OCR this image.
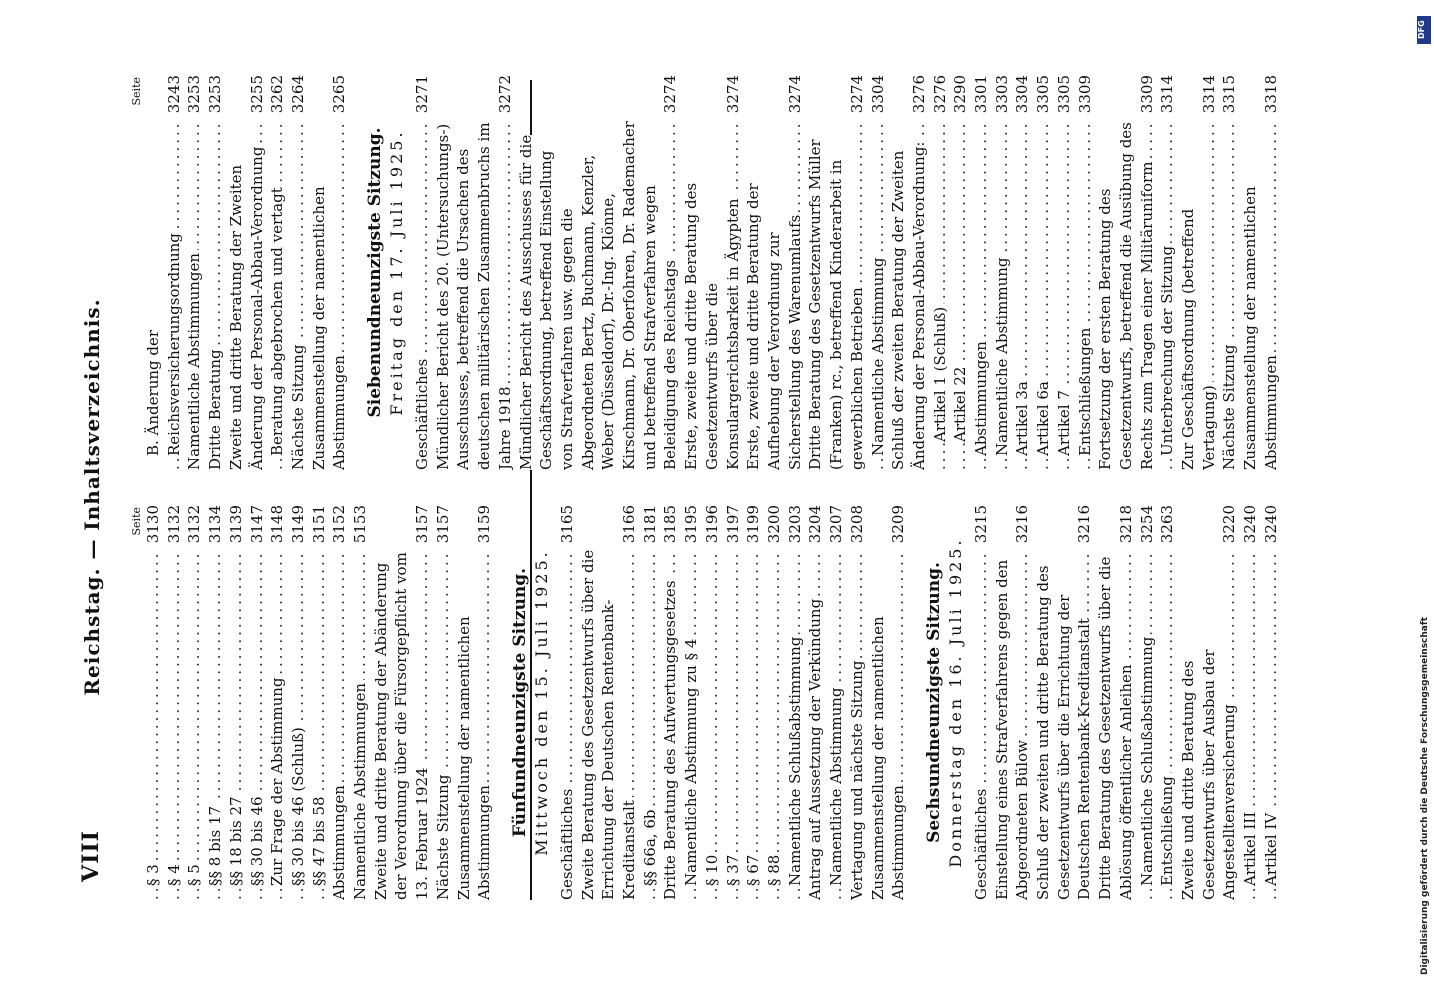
VIII
Reichstag. — Inhaltsverzeichnis. Seite
§ 3 .....
3130
§ 4 .....
3132
§ 5 .....
3132
§§ 8 bis 17 .....
3134
§§ 18 bis 27 .....
3139
§§ 30 bis 46 .....
3147
Zur Frage der Abstimmung .....
3148
§§ 30 bis 46 (Schluß) .....
3149
§§ 47 bis 58 .....
3151
Abstimmungen .....
3152
Namentliche Abstimmungen .....
5153
Zweite und dritte Beratung der Abänderung der Verordnung über die Fürsorgepflicht vom 13. Februar 1924 .....
3157
Nächste Sitzung .....
3157
Zusammenstellung der namentlichen Abstimmungen .....
3159
Fünfundneunzigste Sitzung. Mittwoch den 15. Juli 1925. Geschäftliches .....
3165
Zweite Beratung des Gesetzentwurfs über die Errichtung der Deutschen Rentenbank-Kreditanstalt .....
3166
§§ 66a, 6b .....
3181
Dritte Beratung des Aufwertungsgesetzes .....
3185
Namentliche Abstimmung zu § 4 .....
3195
§ 10 .....
3196
§ 37 .....
3197
§ 67 .....
3199
§ 88 .....
3200
Namentliche Schlußabstimmung .....
3203
Antrag auf Aussetzung der Verkündung .....
3204
Namentliche Abstimmung .....
3207
Vertagung und nächste Sitzung .....
3208
Zusammenstellung der namentlichen Abstimmungen .....
3209
Sechsundneunzigste Sitzung. Donnerstag den 16. Juli 1925. Geschäftliches .....
3215
Einstellung eines Strafverfahrens gegen den Abgeordneten Bülow .....
3216
Schluß der zweiten und dritte Beratung des Gesetzentwurfs über die Errichtung der Deutschen Rentenbank-Kreditanstalt .....
3216
Dritte Beratung des Gesetzentwurfs über die Ablösung öffentlicher Anleihen .....
3218
Namentliche Schlußabstimmung .....
3254
Entschließung .....
3263
Zweite und dritte Beratung des Gesetzentwurfs über Ausbau der Angestelltenversicherung .....
3220
Artikel III .....
3240
Artikel IV .....
3240
Seite
B. Änderung der Reichsversicherungsordnung .....
3243
Namentliche Abstimmungen .....
3253
Dritte Beratung .....
3253
Zweite und dritte Beratung der Zweiten Änderung der Personal-Abbau-Verordnung .....
3255
Beratung abgebrochen und vertagt .....
3262
Nächste Sitzung .....
3264
Zusammenstellung der namentlichen Abstimmungen .....
3265
Siebenundneunzigste Sitzung. Freitag den 17. Juli 1925. Geschäftliches .....
3271
Mündlicher Bericht des 20. (Untersuchungs-) Ausschusses, betreffend die Ursachen des deutschen militärischen Zusammenbruchs im Jahre 1918 .....
3272
Mündlicher Bericht des Ausschusses für die Geschäftsordnung, betreffend Einstellung von Strafverfahren usw. gegen die Abgeordneten Bertz, Buchmann, Kenzler, Weber (Düsseldorf), Dr.-Ing. Klönne, Kirschmann, Dr. Oberfohren, Dr. Rademacher und betreffend Strafverfahren wegen Beleidigung des Reichstags .....
3274
Erste, zweite und dritte Beratung des Gesetzentwurfs über die Konsulargerichtsbarkeit in Ägypten .....
3274
Erste, zweite und dritte Beratung der Aufhebung der Verordnung zur Sicherstellung des Warenumlaufs .....
3274
Dritte Beratung des Gesetzentwurfs Müller (Franken) rc., betreffend Kinderarbeit in gewerblichen Betrieben .....
3274
Namentliche Abstimmung .....
3304
Schluß der zweiten Beratung der Zweiten Änderung der Personal-Abbau-Verordnung: .....
3276
Artikel 1 (Schluß) .....
3276
Artikel 22 .....
3290
Abstimmungen .....
3301
Namentliche Abstimmung .....
3303
Artikel 3a .....
3304
Artikel 6a .....
3305
Artikel 7 .....
3305
Entschließungen .....
3309
Fortsetzung der ersten Beratung des Gesetzentwurfs, betreffend die Ausübung des Rechts zum Tragen einer Militäruniform .....
3309
Unterbrechung der Sitzung .....
3314
Zur Geschäftsordnung (betreffend Vertagung) .....
3314
Nächste Sitzung .....
3315
Zusammenstellung der namentlichen Abstimmungen .....
3318
DFG
Digitalisierung gefördert durch die Deutsche Forschungsgemeinschaft
